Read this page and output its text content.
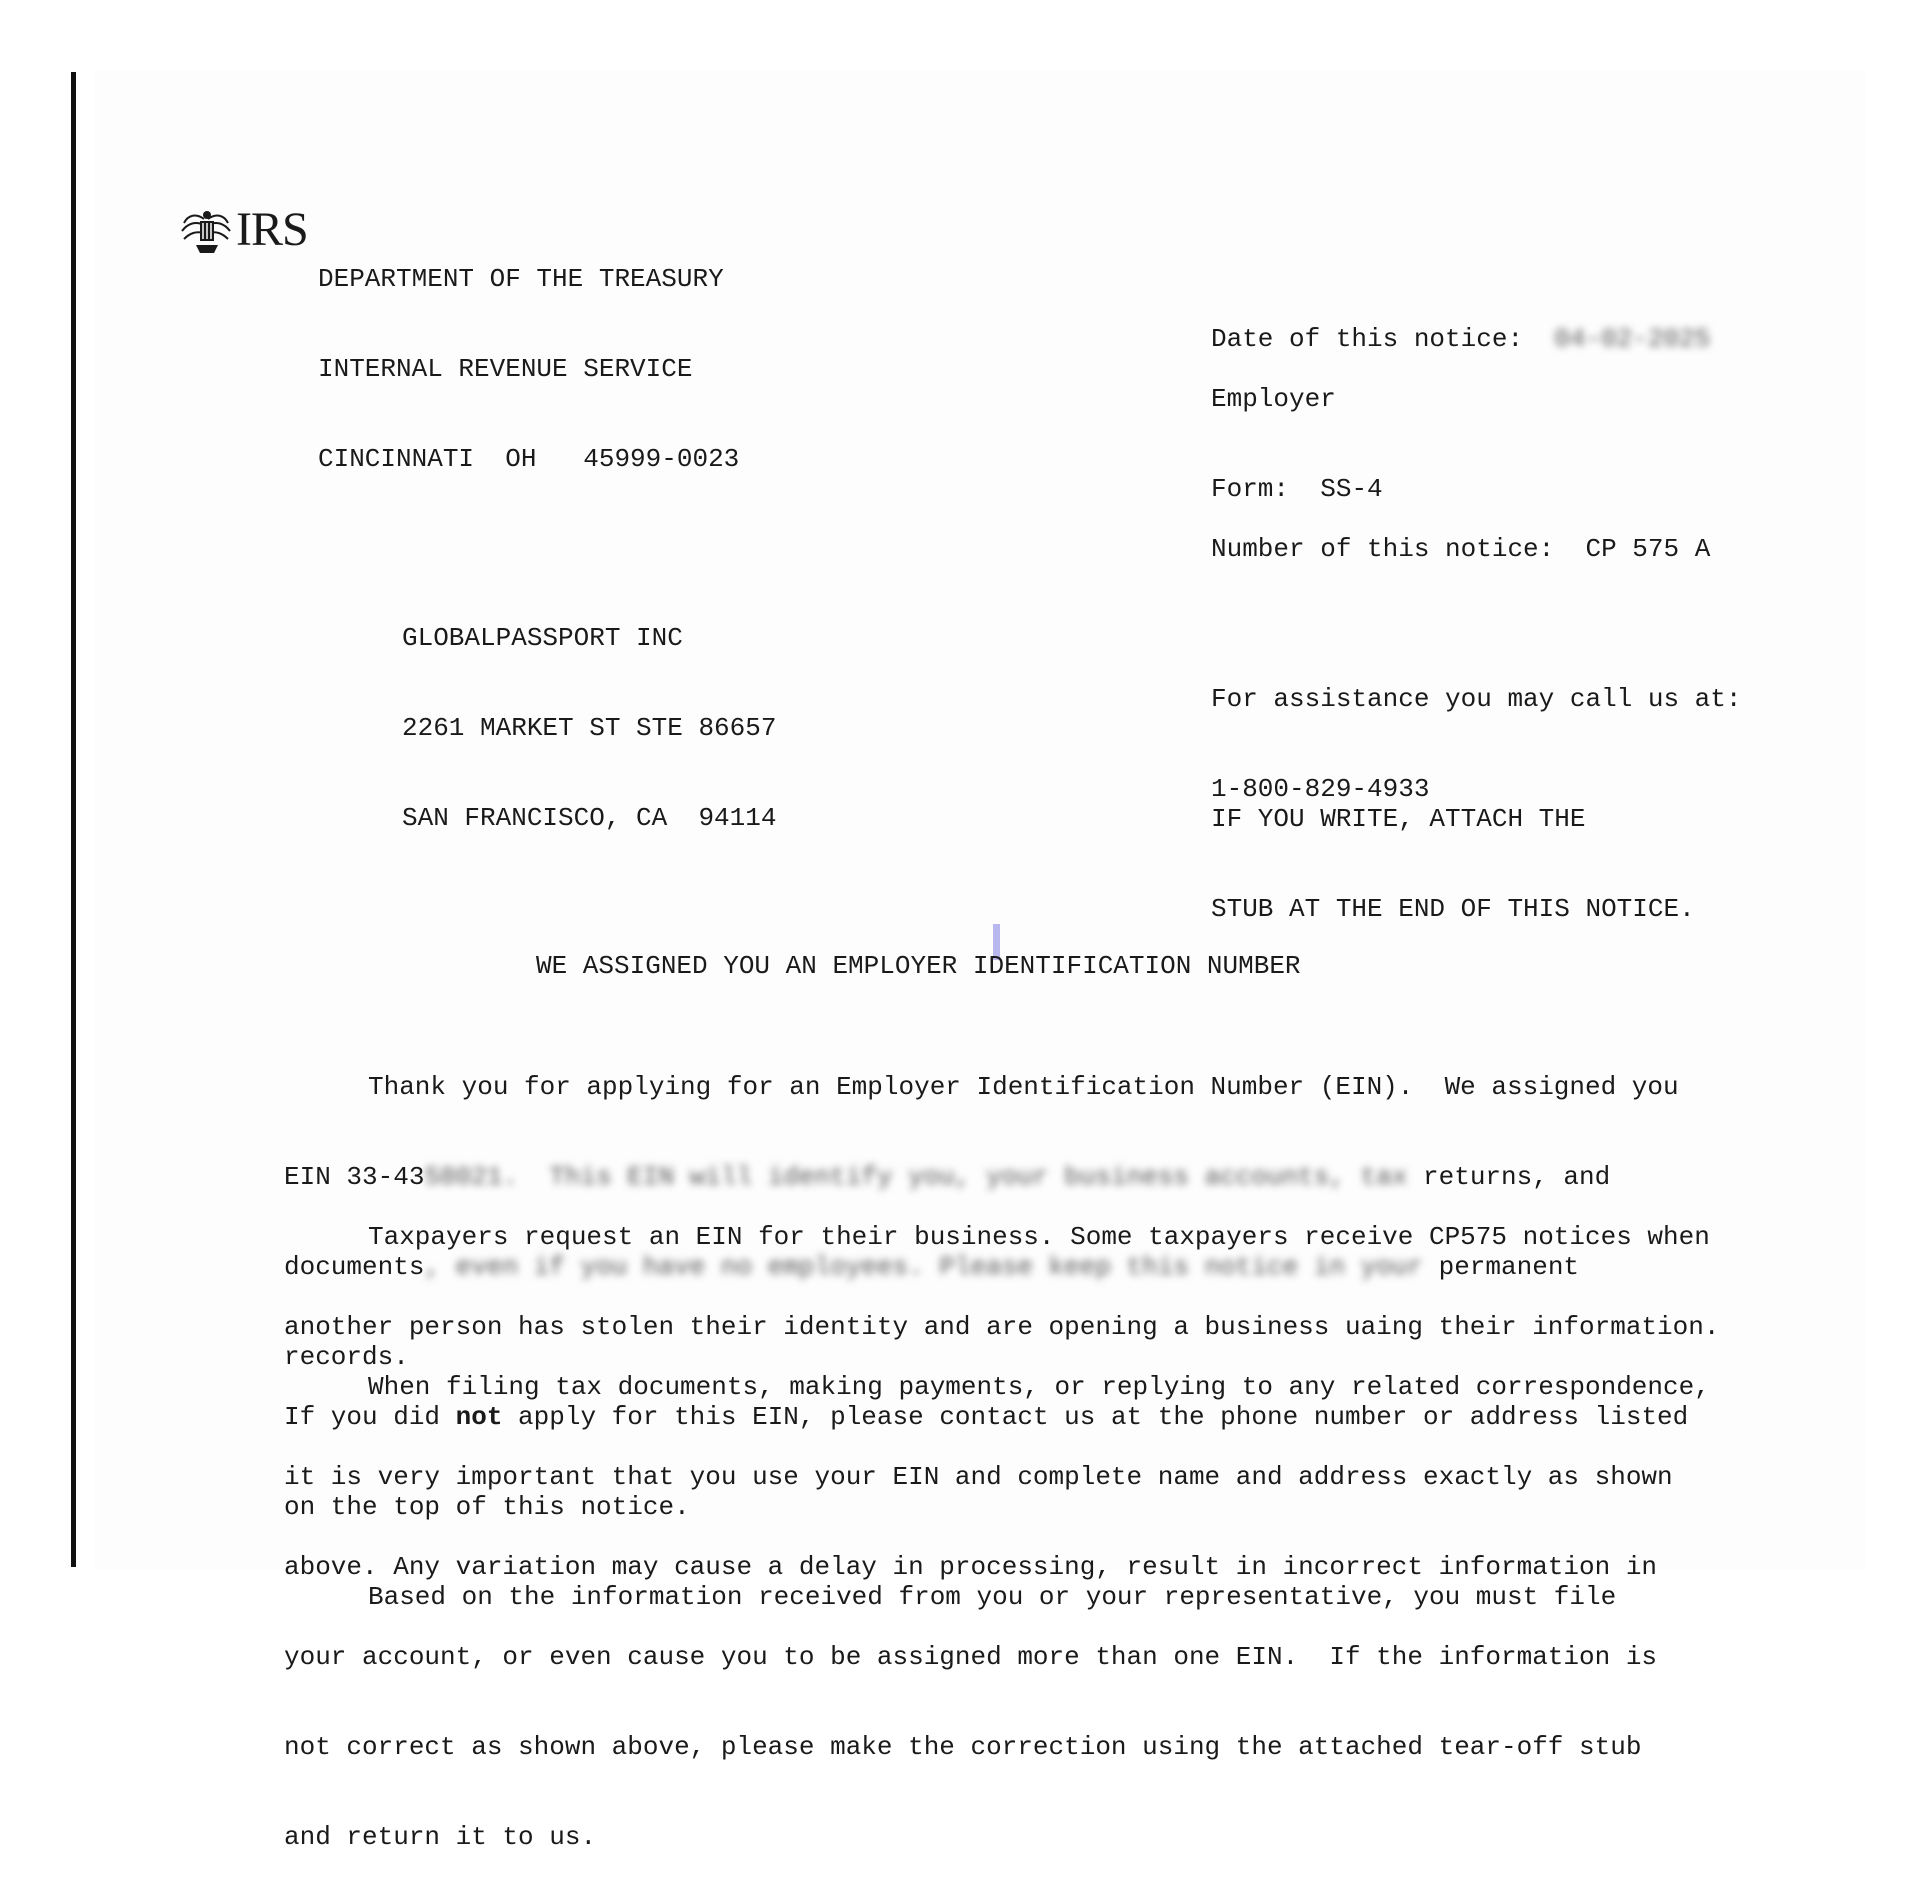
IRS

DEPARTMENT OF THE TREASURY

INTERNAL REVENUE SERVICE

CINCINNATI  OH   45999-0023

Date of this notice: 04-02-2025
Employer
Form: SS-4
Number of this notice: CP 575 A

For assistance you may call us at:

1-800-829-4933

IF YOU WRITE, ATTACH THE

STUB AT THE END OF THIS NOTICE.

GLOBALPASSPORT INC

2261 MARKET ST STE 86657

SAN FRANCISCO, CA  94114

WE ASSIGNED YOU AN EMPLOYER IDENTIFICATION NUMBER

Thank you for applying for an Employer Identification Number (EIN).  We assigned you

EIN 33-4358021.  This EIN will identify you, your business accounts, tax returns, and

documents, even if you have no employees. Please keep this notice in your permanent

records.

Taxpayers request an EIN for their business. Some taxpayers receive CP575 notices when

another person has stolen their identity and are opening a business uaing their information.

If you did not apply for this EIN, please contact us at the phone number or address listed

on the top of this notice.

When filing tax documents, making payments, or replying to any related correspondence,

it is very important that you use your EIN and complete name and address exactly as shown

above. Any variation may cause a delay in processing, result in incorrect information in

your account, or even cause you to be assigned more than one EIN.  If the information is

not correct as shown above, please make the correction using the attached tear-off stub

and return it to us.

Based on the information received from you or your representative, you must file
